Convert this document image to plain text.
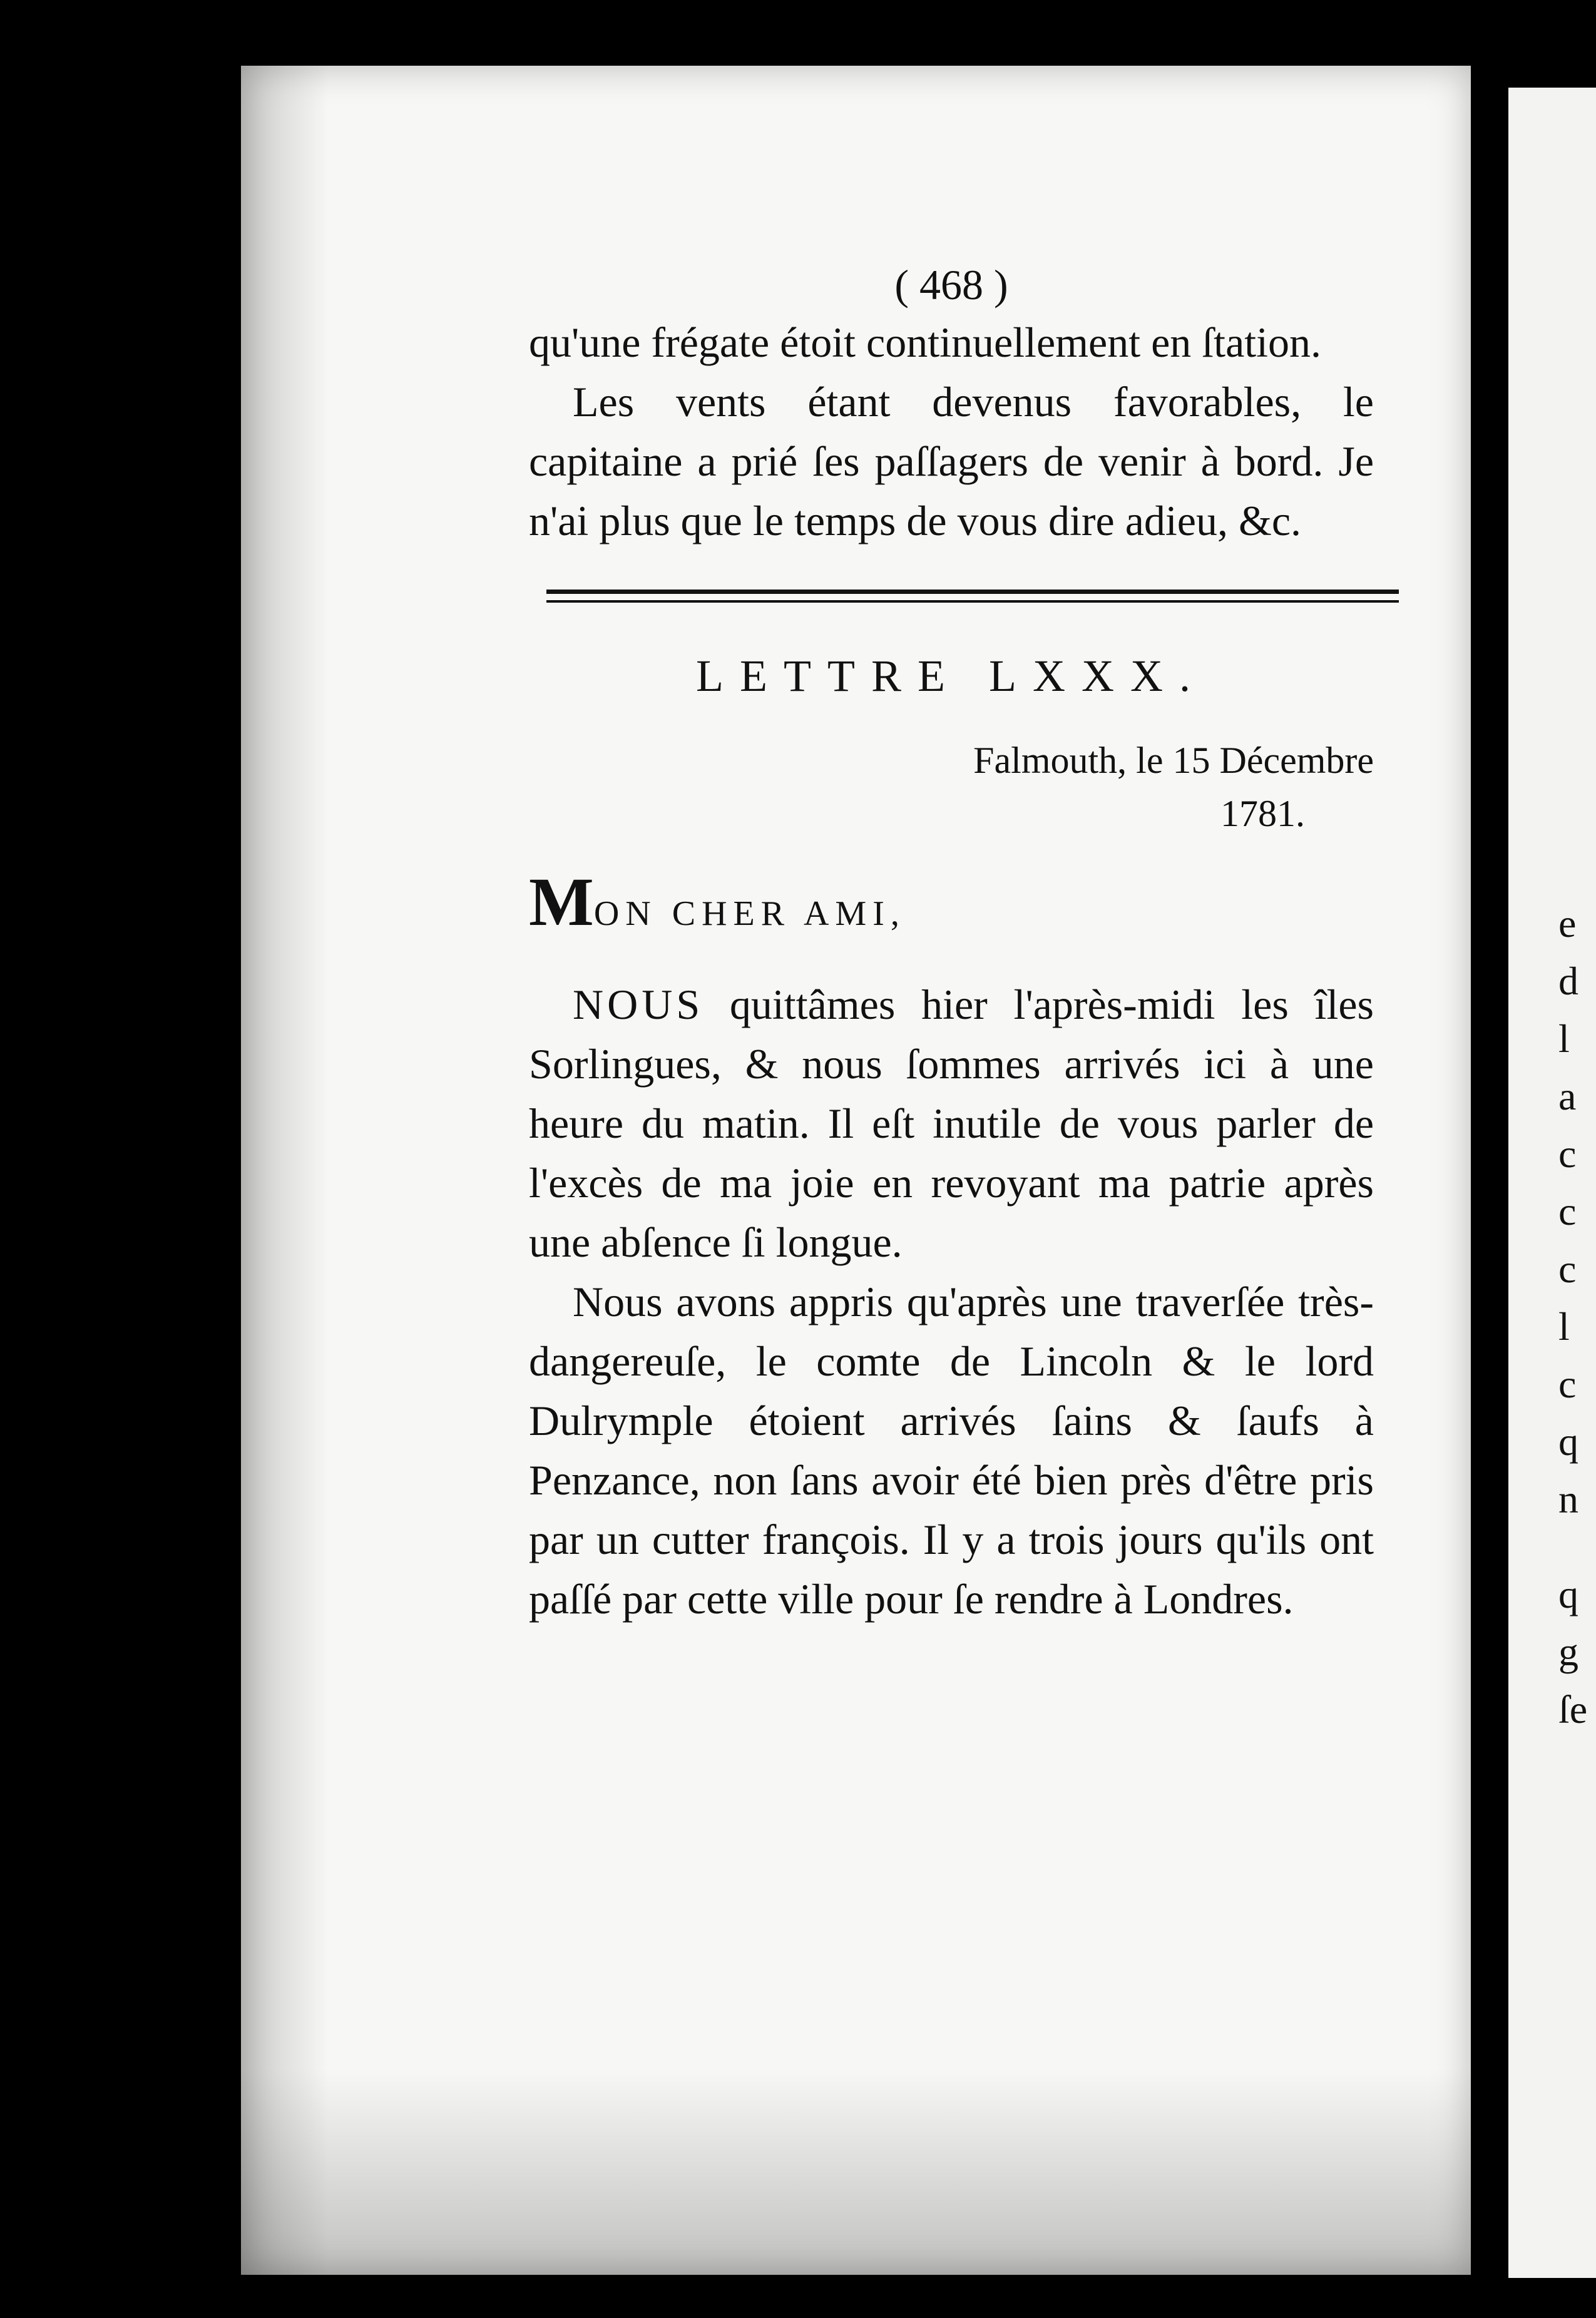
e
d
l
a
c
c
c
l
c
q
n
q
g
ſe
( 468 )

qu'une frégate étoit continuellement en ſtation.

Les vents étant devenus favorables, le capitaine a prié ſes paſſagers de venir à bord. Je n'ai plus que le temps de vous dire adieu, &c.

LETTRE LXXX.
Falmouth, le 15 Décembre
1781.
MON CHER AMI,

NOUS quittâmes hier l'après-midi les îles Sorlingues, & nous ſommes arrivés ici à une heure du matin. Il eſt inutile de vous parler de l'excès de ma joie en revoyant ma patrie après une abſence ſi longue.

Nous avons appris qu'après une traverſée très-dangereuſe, le comte de Lincoln & le lord Dulrymple étoient arrivés ſains & ſaufs à Penzance, non ſans avoir été bien près d'être pris par un cutter françois. Il y a trois jours qu'ils ont paſſé par cette ville pour ſe rendre à Londres.
